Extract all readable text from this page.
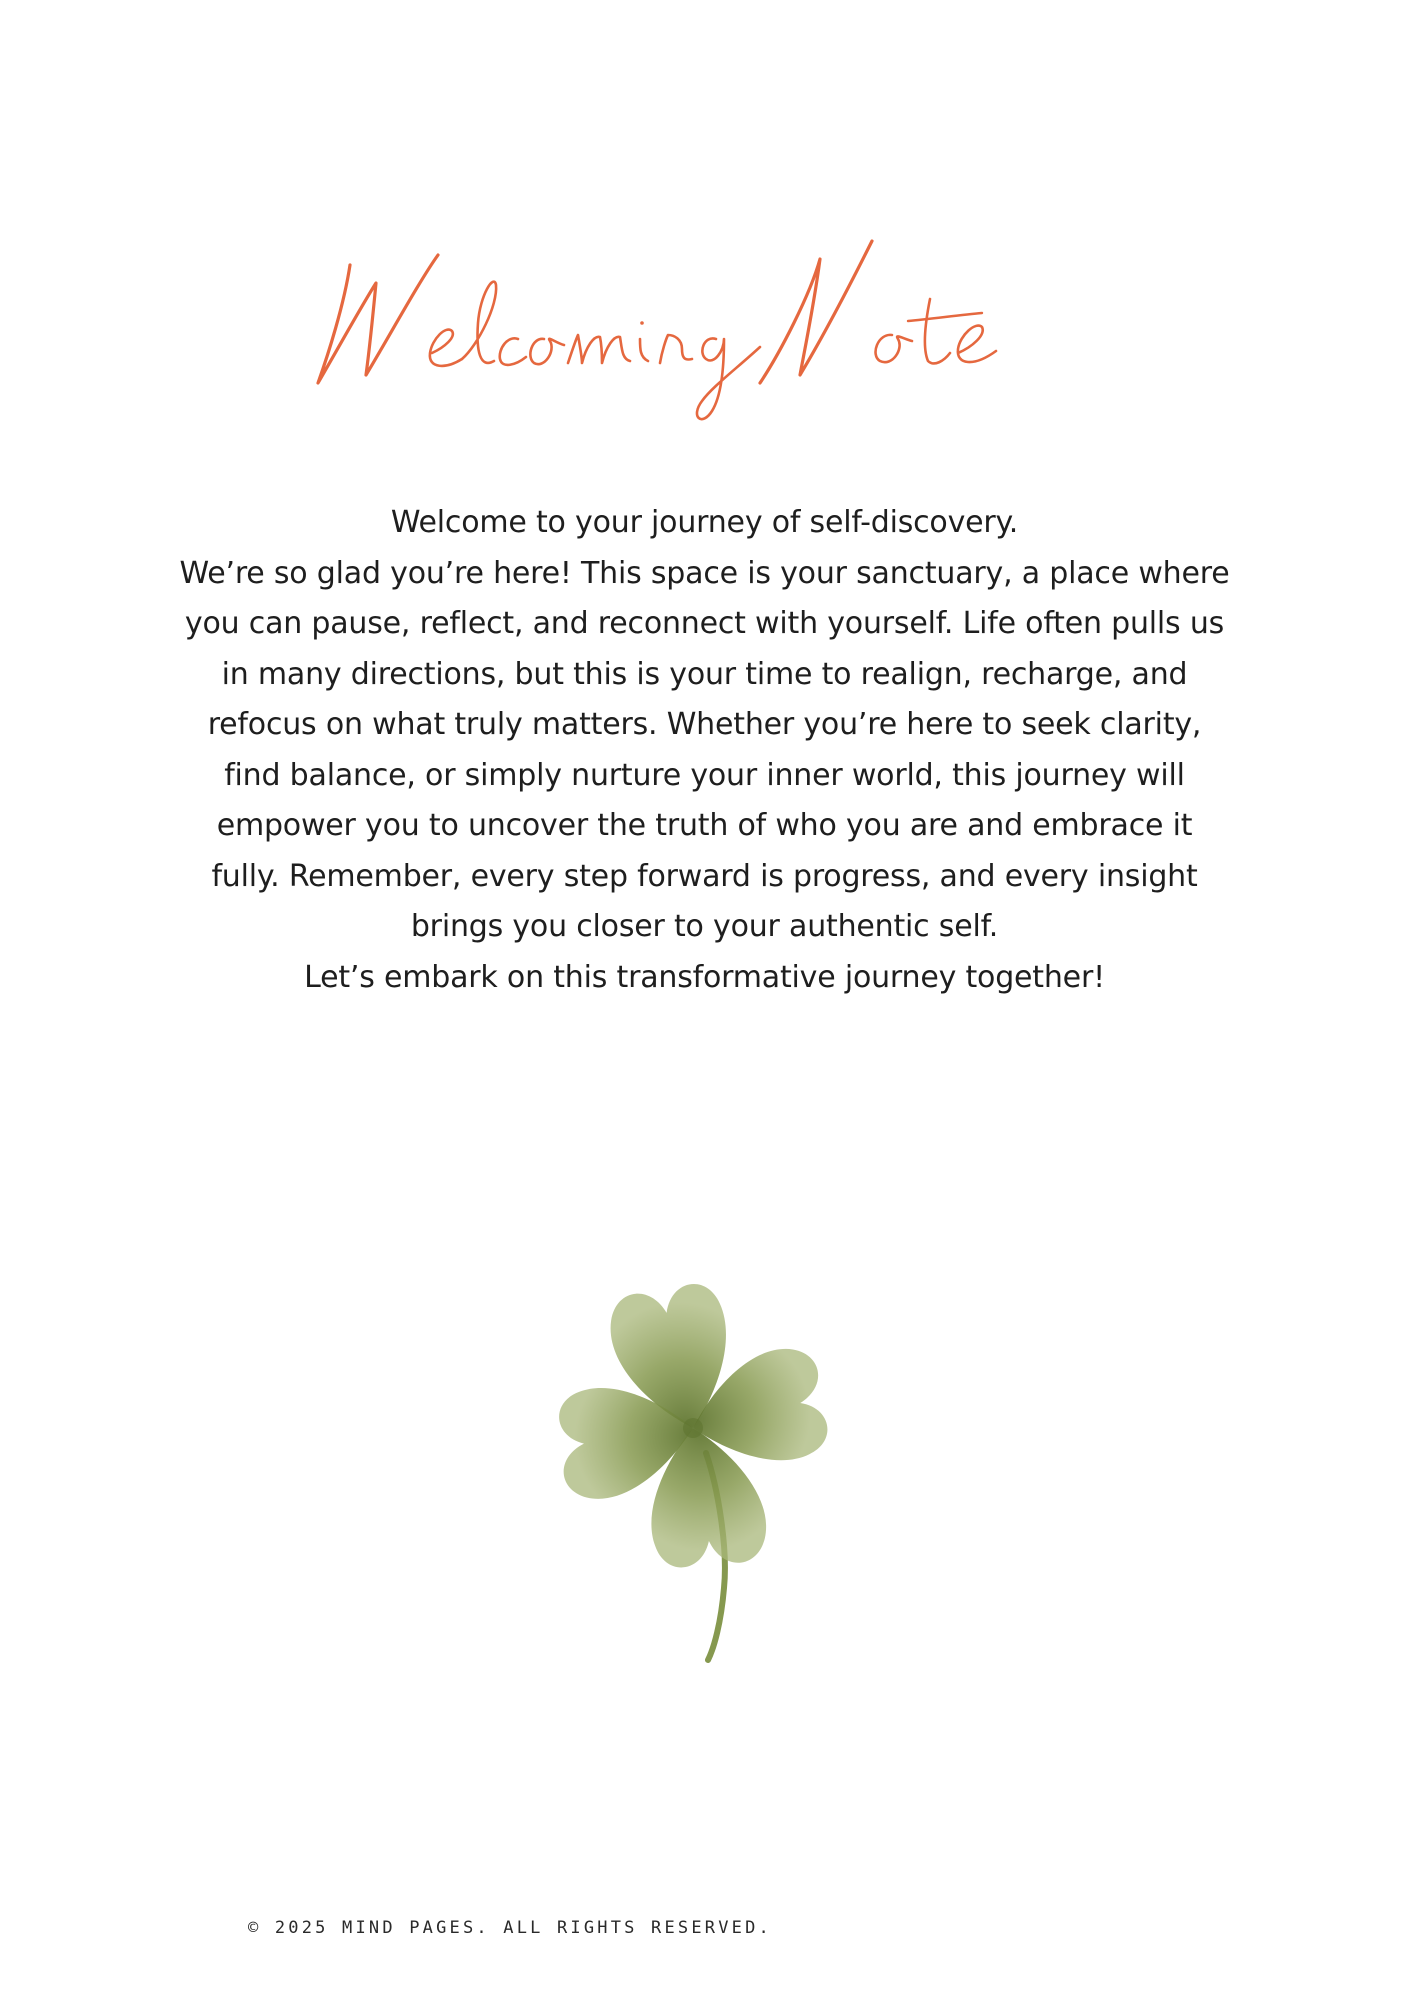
Welcome to your journey of self-discovery.

We’re so glad you’re here! This space is your sanctuary, a place where

you can pause, reflect, and reconnect with yourself. Life often pulls us

in many directions, but this is your time to realign, recharge, and

refocus on what truly matters. Whether you’re here to seek clarity,

find balance, or simply nurture your inner world, this journey will

empower you to uncover the truth of who you are and embrace it

fully. Remember, every step forward is progress, and every insight

brings you closer to your authentic self.

Let’s embark on this transformative journey together!

© 2025 MIND PAGES. ALL RIGHTS RESERVED.
